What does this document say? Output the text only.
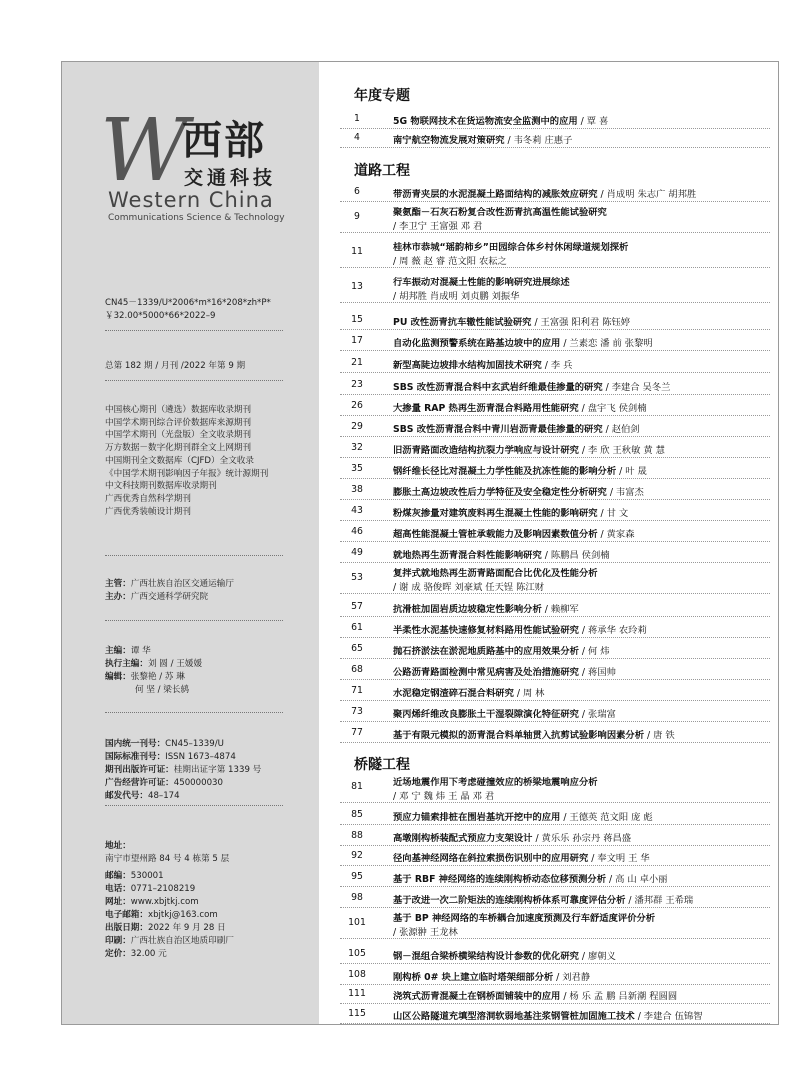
W 西部
交通科技
Western China
Communications Science & Technology
CN45－1339/U*2006*m*16*208*zh*P*
￥32.00*5000*66*2022–9
总第 182 期 / 月刊 /2022 年第 9 期
中国核心期刊（遴选）数据库收录期刊
中国学术期刊综合评价数据库来源期刊
中国学术期刊（光盘版）全文收录期刊
万方数据－数字化期刊群全文上网期刊
中国期刊全文数据库（CJFD）全文收录
《中国学术期刊影响因子年报》统计源期刊
中文科技期刊数据库收录期刊
广西优秀自然科学期刊
广西优秀装帧设计期刊
主管：广西壮族自治区交通运输厅
主办：广西交通科学研究院
主编：谭 华
执行主编：刘 圆 / 王媛媛
编辑：张黎艳 / 苏 琳
何 坚 / 梁长鸫
国内统一刊号：CN45–1339/U
国际标准刊号：ISSN 1673–4874
期刊出版许可证：桂期出证字第 1339 号
广告经营许可证：450000030
邮发代号：48–174
地址：
南宁市望州路 84 号 4 栋第 5 层
邮编：530001
电话：0771–2108219
网址：www.xbjtkj.com
电子邮箱：xbjtkj@163.com
出版日期：2022 年 9 月 28 日
印刷：广西壮族自治区地质印刷厂
定价：32.00 元
年度专题
1	5G 物联网技术在货运物流安全监测中的应用 / 覃 喜
4	南宁航空物流发展对策研究 / 韦冬莉 庄惠子
道路工程
6	带沥青夹层的水泥混凝土路面结构的减胀效应研究 / 肖成明 朱志广 胡邦胜
9	聚氨酯－石灰石粉复合改性沥青抗高温性能试验研究
/ 李卫宁 王富强 邓 君
11	桂林市恭城“瑶韵柿乡”田园综合体乡村休闲绿道规划探析
/ 周 薇 赵 睿 范文阳 农耘之
13	行车振动对混凝土性能的影响研究进展综述
/ 胡邦胜 肖成明 刘贞鹏 刘振华
15	PU 改性沥青抗车辙性能试验研究 / 王富强 阳利君 陈钰婷
17	自动化监测预警系统在路基边坡中的应用 / 兰素恋 潘 前 张黎明
21	新型高陡边坡排水结构加固技术研究 / 李 兵
23	SBS 改性沥青混合料中玄武岩纤维最佳掺量的研究 / 李建合 吴冬兰
26	大掺量 RAP 热再生沥青混合料路用性能研究 / 盘宇飞 侯剑楠
29	SBS 改性沥青混合料中青川岩沥青最佳掺量的研究 / 赵伯剑
32	旧沥青路面改造结构抗裂力学响应与设计研究 / 李 欣 王秋敏 黄 慧
35	钢纤维长径比对混凝土力学性能及抗冻性能的影响分析 / 叶 晟
38	膨胀土高边坡改性后力学特征及安全稳定性分析研究 / 韦富杰
43	粉煤灰掺量对建筑废料再生混凝土性能的影响研究 / 甘 文
46	超高性能混凝土管桩承载能力及影响因素数值分析 / 黄家森
49	就地热再生沥青混合料性能影响研究 / 陈鹏昌 侯剑楠
53	复拌式就地热再生沥青路面配合比优化及性能分析
/ 谢 成 骆俊晖 刘豪斌 任天锃 陈江财
57	抗滑桩加固岩质边坡稳定性影响分析 / 赖柳军
61	半柔性水泥基快速修复材料路用性能试验研究 / 蒋承华 农玲莉
65	抛石挤淤法在淤泥地质路基中的应用效果分析 / 何 炜
68	公路沥青路面检测中常见病害及处治措施研究 / 蒋国帅
71	水泥稳定钢渣碎石混合料研究 / 周 林
73	聚丙烯纤维改良膨胀土干湿裂隙演化特征研究 / 张瑞富
77	基于有限元模拟的沥青混合料单轴贯入抗剪试验影响因素分析 / 唐 铁
桥隧工程
81	近场地震作用下考虑碰撞效应的桥梁地震响应分析
/ 邓 宁 魏 炜 王 晶 邓 君
85	预应力锚索排桩在围岩基坑开挖中的应用 / 王德英 范文阳 庞 彪
88	高墩刚构桥装配式预应力支架设计 / 黄乐乐 孙宗丹 蒋昌盛
92	径向基神经网络在斜拉索损伤识别中的应用研究 / 奉文明 王 华
95	基于 RBF 神经网络的连续刚构桥动态位移预测分析 / 高 山 卓小丽
98	基于改进一次二阶矩法的连续刚构桥体系可靠度评估分析 / 潘邦群 王希瑞
101	基于 BP 神经网络的车桥耦合加速度预测及行车舒适度评价分析
/ 张源翀 王龙林
105	钢－混组合梁桥横梁结构设计参数的优化研究 / 廖朝义
108	刚构桥 0# 块上建立临时塔架细部分析 / 刘君静
111	浇筑式沥青混凝土在钢桥面铺装中的应用 / 杨 乐 孟 鹏 吕新潮 程圆圆
115	山区公路隧道充填型溶洞软弱地基注浆钢管桩加固施工技术 / 李建合 伍锦智
